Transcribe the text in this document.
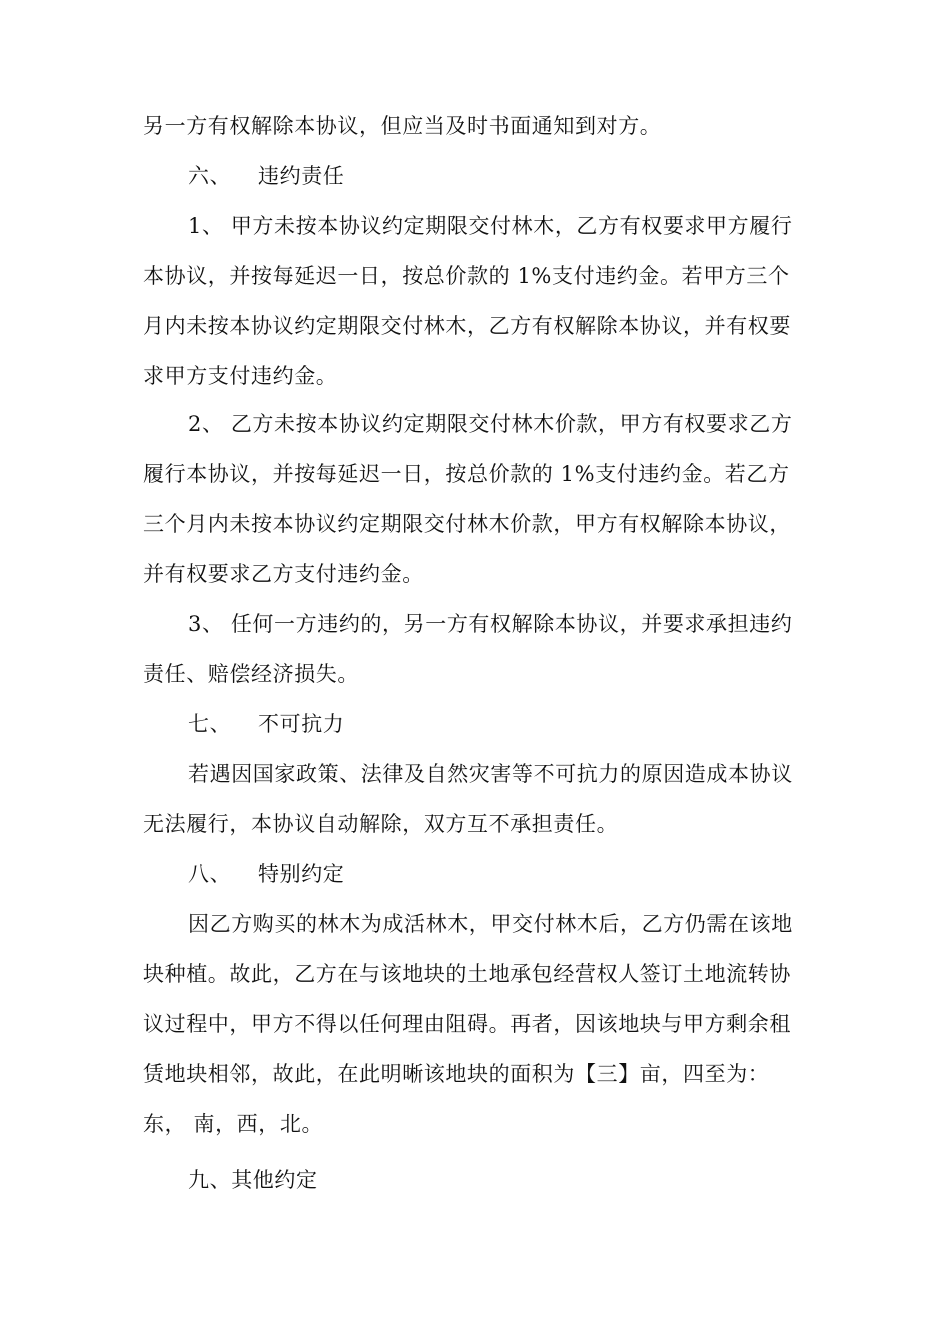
另一方有权解除本协议，但应当及时书面通知到对方。
六、 违约责任
1、 甲方未按本协议约定期限交付林木，乙方有权要求甲方履行
本协议，并按每延迟一日，按总价款的 1%支付违约金。若甲方三个
月内未按本协议约定期限交付林木，乙方有权解除本协议，并有权要
求甲方支付违约金。
2、 乙方未按本协议约定期限交付林木价款，甲方有权要求乙方
履行本协议，并按每延迟一日，按总价款的 1%支付违约金。若乙方
三个月内未按本协议约定期限交付林木价款，甲方有权解除本协议，
并有权要求乙方支付违约金。
3、 任何一方违约的，另一方有权解除本协议，并要求承担违约
责任、赔偿经济损失。
七、 不可抗力
若遇因国家政策、法律及自然灾害等不可抗力的原因造成本协议
无法履行，本协议自动解除，双方互不承担责任。
八、 特别约定
因乙方购买的林木为成活林木，甲交付林木后，乙方仍需在该地
块种植。故此，乙方在与该地块的土地承包经营权人签订土地流转协
议过程中，甲方不得以任何理由阻碍。再者，因该地块与甲方剩余租
赁地块相邻，故此，在此明晰该地块的面积为【三】亩，四至为：
东， 南，西，北。
九、其他约定
